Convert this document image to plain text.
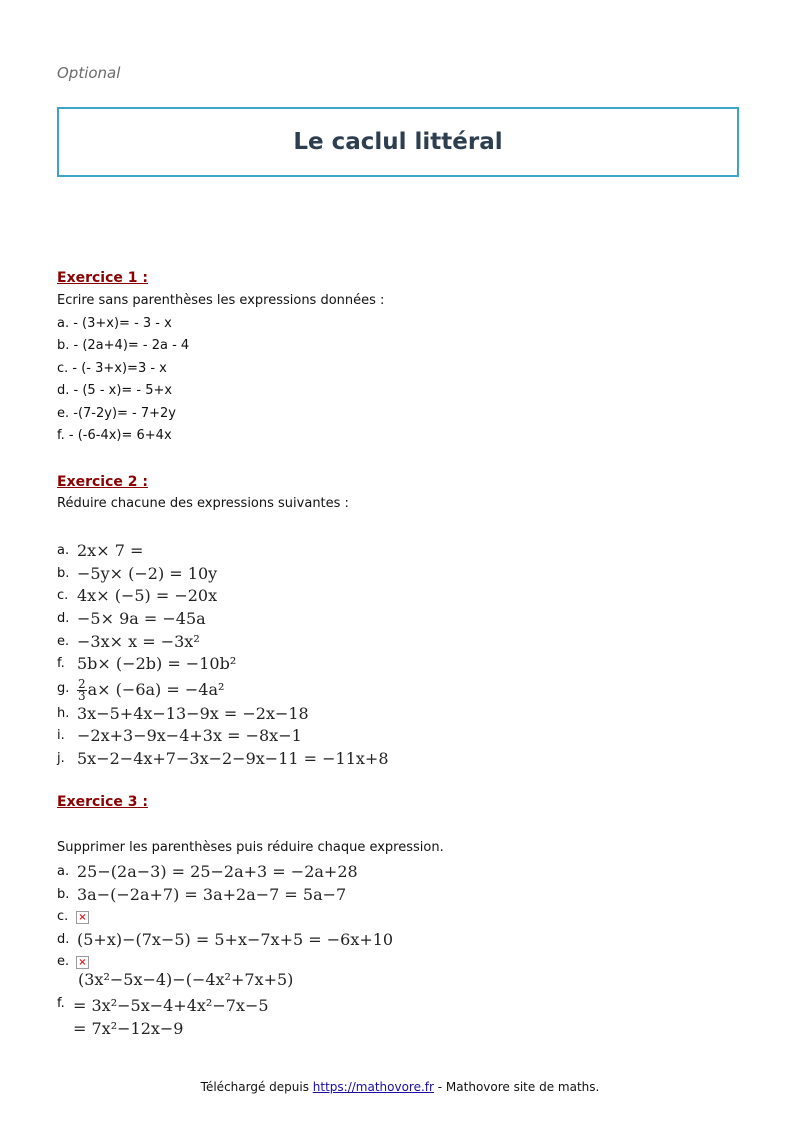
Optional
Le caclul littéral
Exercice 1 :
Ecrire sans parenthèses les expressions données :
a. - (3+x)= - 3 - x
b. - (2a+4)= - 2a - 4
c. - (- 3+x)=3 - x
d. - (5 - x)= - 5+x
e. -(7-2y)= - 7+2y
f. - (-6-4x)= 6+4x
Exercice 2 :
Réduire chacune des expressions suivantes :
a. 2x× 7 =
b. −5y× (−2) = 10y
c. 4x× (−5) = −20x
d. −5× 9a = −45a
e. −3x× x = −3x²
f. 5b× (−2b) = −10b²
g. $\frac{2}{3} a\times (-6a) = -4a^2$
h. 3x−5+4x−13−9x = −2x−18
i. −2x+3−9x−4+3x = −8x−1
j. 5x−2−4x+7−3x−2−9x−11 = −11x+8
Exercice 3 :
Supprimer les parenthèses puis réduire chaque expression.
a. 25−(2a−3) = 25−2a+3 = −2a+28
b. 3a−(−2a+7) = 3a+2a−7 = 5a−7
c. ×
d. (5+x)−(7x−5) = 5+x−7x+5 = −6x+10
e. ×
(3x²−5x−4)−(−4x²+7x+5)
f. = 3x²−5x−4+4x²−7x−5
= 7x²−12x−9
Téléchargé depuis https://mathovore.fr - Mathovore site de maths.
